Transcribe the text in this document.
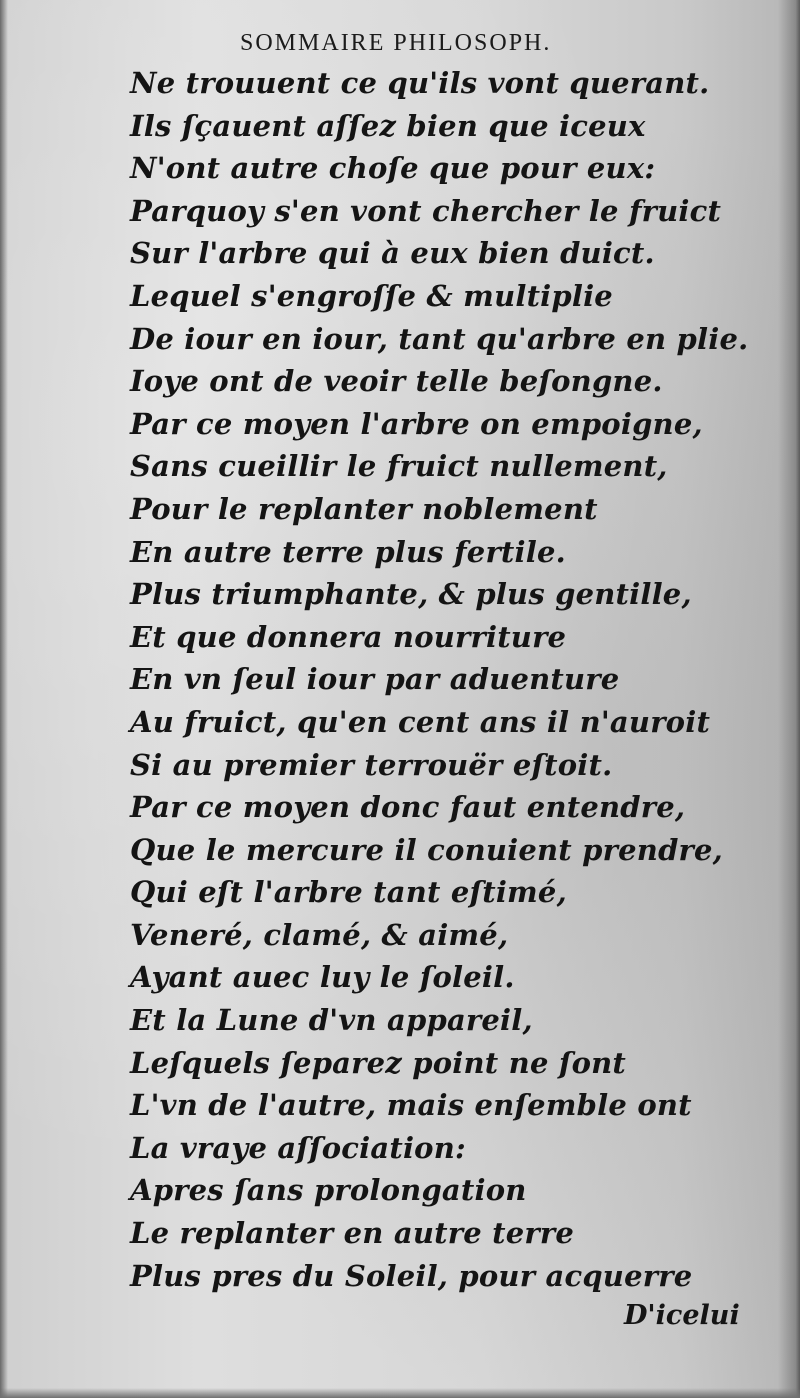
SOMMAIRE PHILOSOPH.
Ne trouuent ce qu'ils vont querant.
Ils ſçauent aſſez bien que iceux
N'ont autre choſe que pour eux:
Parquoy s'en vont chercher le fruict
Sur l'arbre qui à eux bien duict.
Lequel s'engroſſe & multiplie
De iour en iour, tant qu'arbre en plie.
Ioye ont de veoir telle beſongne.
Par ce moyen l'arbre on empoigne,
Sans cueillir le fruict nullement,
Pour le replanter noblement
En autre terre plus fertile.
Plus triumphante, & plus gentille,
Et que donnera nourriture
En vn ſeul iour par aduenture
Au fruict, qu'en cent ans il n'auroit
Si au premier terrouër eſtoit.
Par ce moyen donc faut entendre,
Que le mercure il conuient prendre,
Qui eſt l'arbre tant eſtimé,
Veneré, clamé, & aimé,
Ayant auec luy le ſoleil.
Et la Lune d'vn appareil,
Leſquels ſeparez point ne ſont
L'vn de l'autre, mais enſemble ont
La vraye aſſociation:
Apres ſans prolongation
Le replanter en autre terre
Plus pres du Soleil, pour acquerre

D'icelui
